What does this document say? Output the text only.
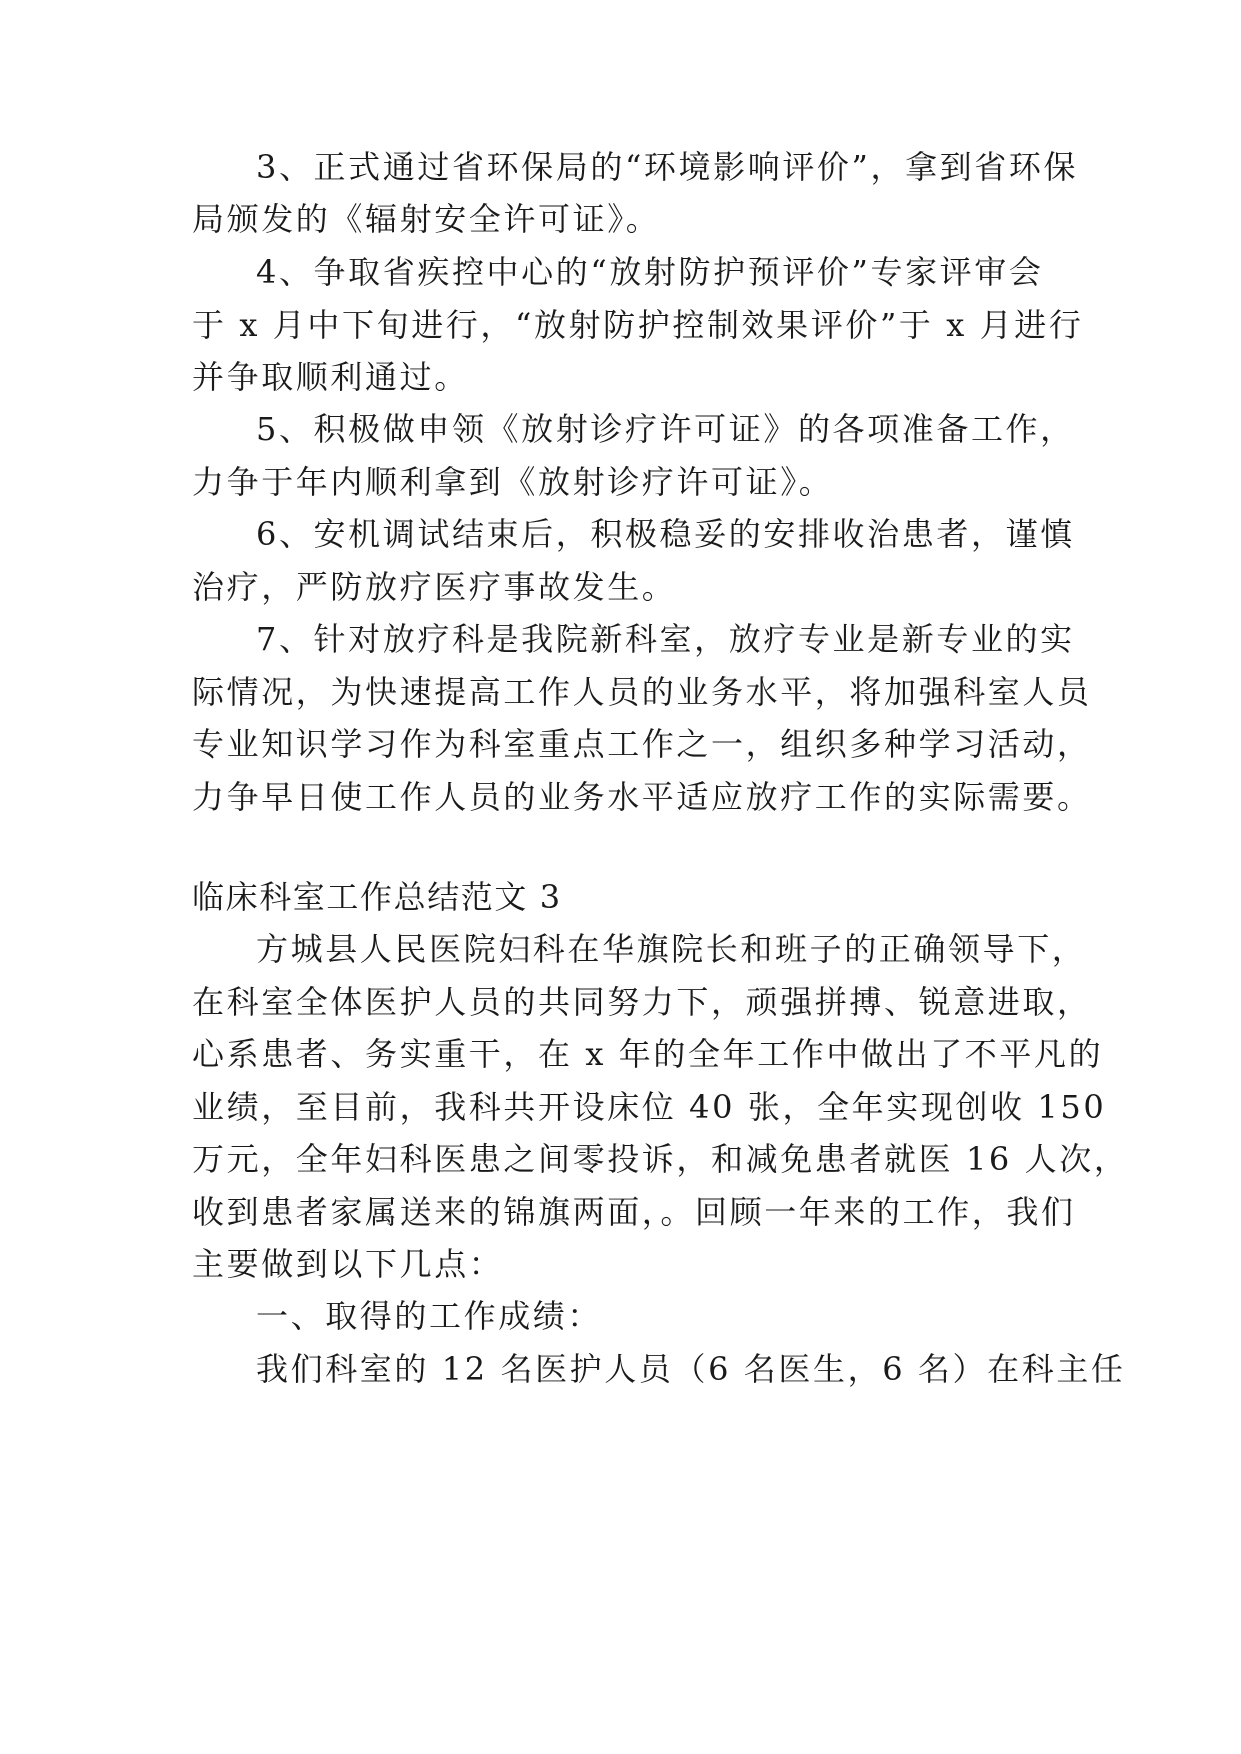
3、正式通过省环保局的“环境影响评价”，拿到省环保
局颁发的《辐射安全许可证》。
4、争取省疾控中心的“放射防护预评价”专家评审会
于 x 月中下旬进行，“放射防护控制效果评价”于 x 月进行
并争取顺利通过。
5、积极做申领《放射诊疗许可证》的各项准备工作，
力争于年内顺利拿到《放射诊疗许可证》。
6、安机调试结束后，积极稳妥的安排收治患者，谨慎
治疗，严防放疗医疗事故发生。
7、针对放疗科是我院新科室，放疗专业是新专业的实
际情况，为快速提高工作人员的业务水平，将加强科室人员
专业知识学习作为科室重点工作之一，组织多种学习活动，
力争早日使工作人员的业务水平适应放疗工作的实际需要。
临床科室工作总结范文 3
方城县人民医院妇科在华旗院长和班子的正确领导下，
在科室全体医护人员的共同努力下，顽强拼搏、锐意进取，
心系患者、务实重干，在 x 年的全年工作中做出了不平凡的
业绩，至目前，我科共开设床位 40 张，全年实现创收 150
万元，全年妇科医患之间零投诉，和减免患者就医 16 人次，
收到患者家属送来的锦旗两面，。回顾一年来的工作，我们
主要做到以下几点：
一、取得的工作成绩：
我们科室的 12 名医护人员（6 名医生，6 名）在科主任
